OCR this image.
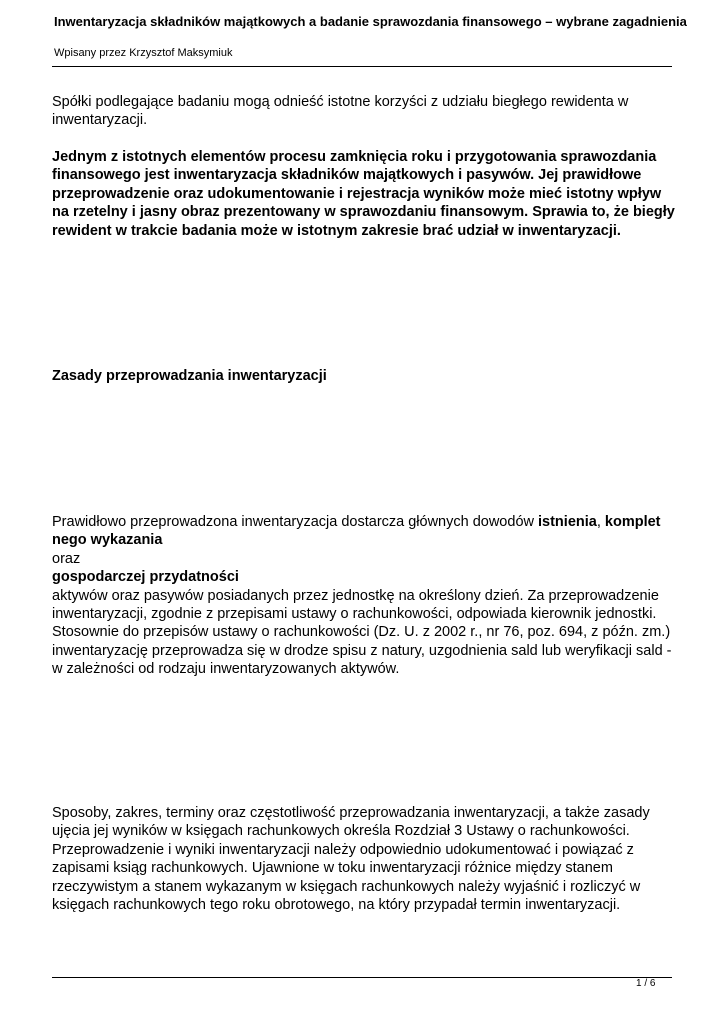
Inwentaryzacja składników majątkowych a badanie sprawozdania finansowego – wybrane zagadnienia
Wpisany przez Krzysztof Maksymiuk

Spółki podlegające badaniu mogą odnieść istotne korzyści z udziału biegłego rewidenta w inwentaryzacji.

Jednym z istotnych elementów procesu zamknięcia roku i przygotowania sprawozdania finansowego jest inwentaryzacja składników majątkowych i pasywów. Jej prawidłowe przeprowadzenie oraz udokumentowanie i rejestracja wyników może mieć istotny wpływ na rzetelny i jasny obraz prezentowany w sprawozdaniu finansowym. Sprawia to, że biegły rewident w trakcie badania może w istotnym zakresie brać udział w inwentaryzacji.

Zasady przeprowadzania inwentaryzacji

Prawidłowo przeprowadzona inwentaryzacja dostarcza głównych dowodów istnienia, komplet
nego wykazania
oraz
gospodarczej przydatności
aktywów oraz pasywów posiadanych przez jednostkę na określony dzień. Za przeprowadzenie inwentaryzacji, zgodnie z przepisami ustawy o rachunkowości, odpowiada kierownik jednostki. Stosownie do przepisów ustawy o rachunkowości (Dz. U. z 2002 r., nr 76, poz. 694, z późn. zm.) inwentaryzację przeprowadza się w drodze spisu z natury, uzgodnienia sald lub weryfikacji sald - w zależności od rodzaju inwentaryzowanych aktywów.

Sposoby, zakres, terminy oraz częstotliwość przeprowadzania inwentaryzacji, a także zasady ujęcia jej wyników w księgach rachunkowych określa Rozdział 3 Ustawy o rachunkowości. Przeprowadzenie i wyniki inwentaryzacji należy odpowiednio udokumentować i powiązać z zapisami ksiąg rachunkowych. Ujawnione w toku inwentaryzacji różnice między stanem rzeczywistym a stanem wykazanym w księgach rachunkowych należy wyjaśnić i rozliczyć w księgach rachunkowych tego roku obrotowego, na który przypadał termin inwentaryzacji.

1 / 6
